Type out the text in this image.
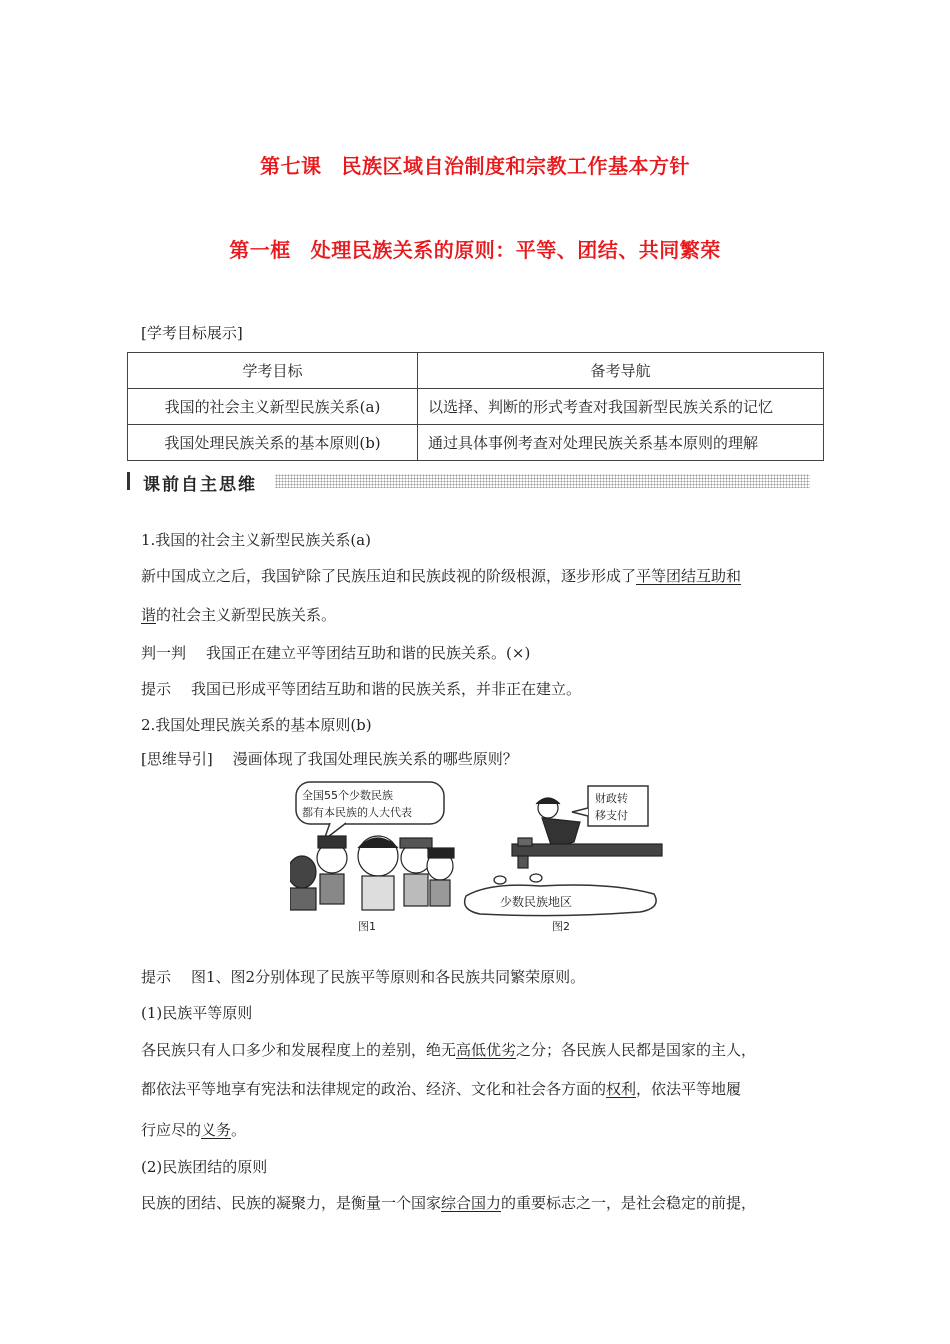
第七课 民族区域自治制度和宗教工作基本方针
第一框 处理民族关系的原则：平等、团结、共同繁荣
[学考目标展示]
学考目标	备考导航
我国的社会主义新型民族关系(a)	以选择、判断的形式考查对我国新型民族关系的记忆
我国处理民族关系的基本原则(b)	通过具体事例考查对处理民族关系基本原则的理解
课前自主思维
1.我国的社会主义新型民族关系(a)
新中国成立之后，我国铲除了民族压迫和民族歧视的阶级根源，逐步形成了平等团结互助和
谐的社会主义新型民族关系。
判一判 我国正在建立平等团结互助和谐的民族关系。(×)
提示 我国已形成平等团结互助和谐的民族关系，并非正在建立。
2.我国处理民族关系的基本原则(b)
[思维导引] 漫画体现了我国处理民族关系的哪些原则？
全国55个少数民族
都有本民族的人大代表
财政转
移支付
少数民族地区
图1	图2
提示 图1、图2分别体现了民族平等原则和各民族共同繁荣原则。
(1)民族平等原则
各民族只有人口多少和发展程度上的差别，绝无高低优劣之分；各民族人民都是国家的主人，
都依法平等地享有宪法和法律规定的政治、经济、文化和社会各方面的权利，依法平等地履
行应尽的义务。
(2)民族团结的原则
民族的团结、民族的凝聚力，是衡量一个国家综合国力的重要标志之一，是社会稳定的前提，
